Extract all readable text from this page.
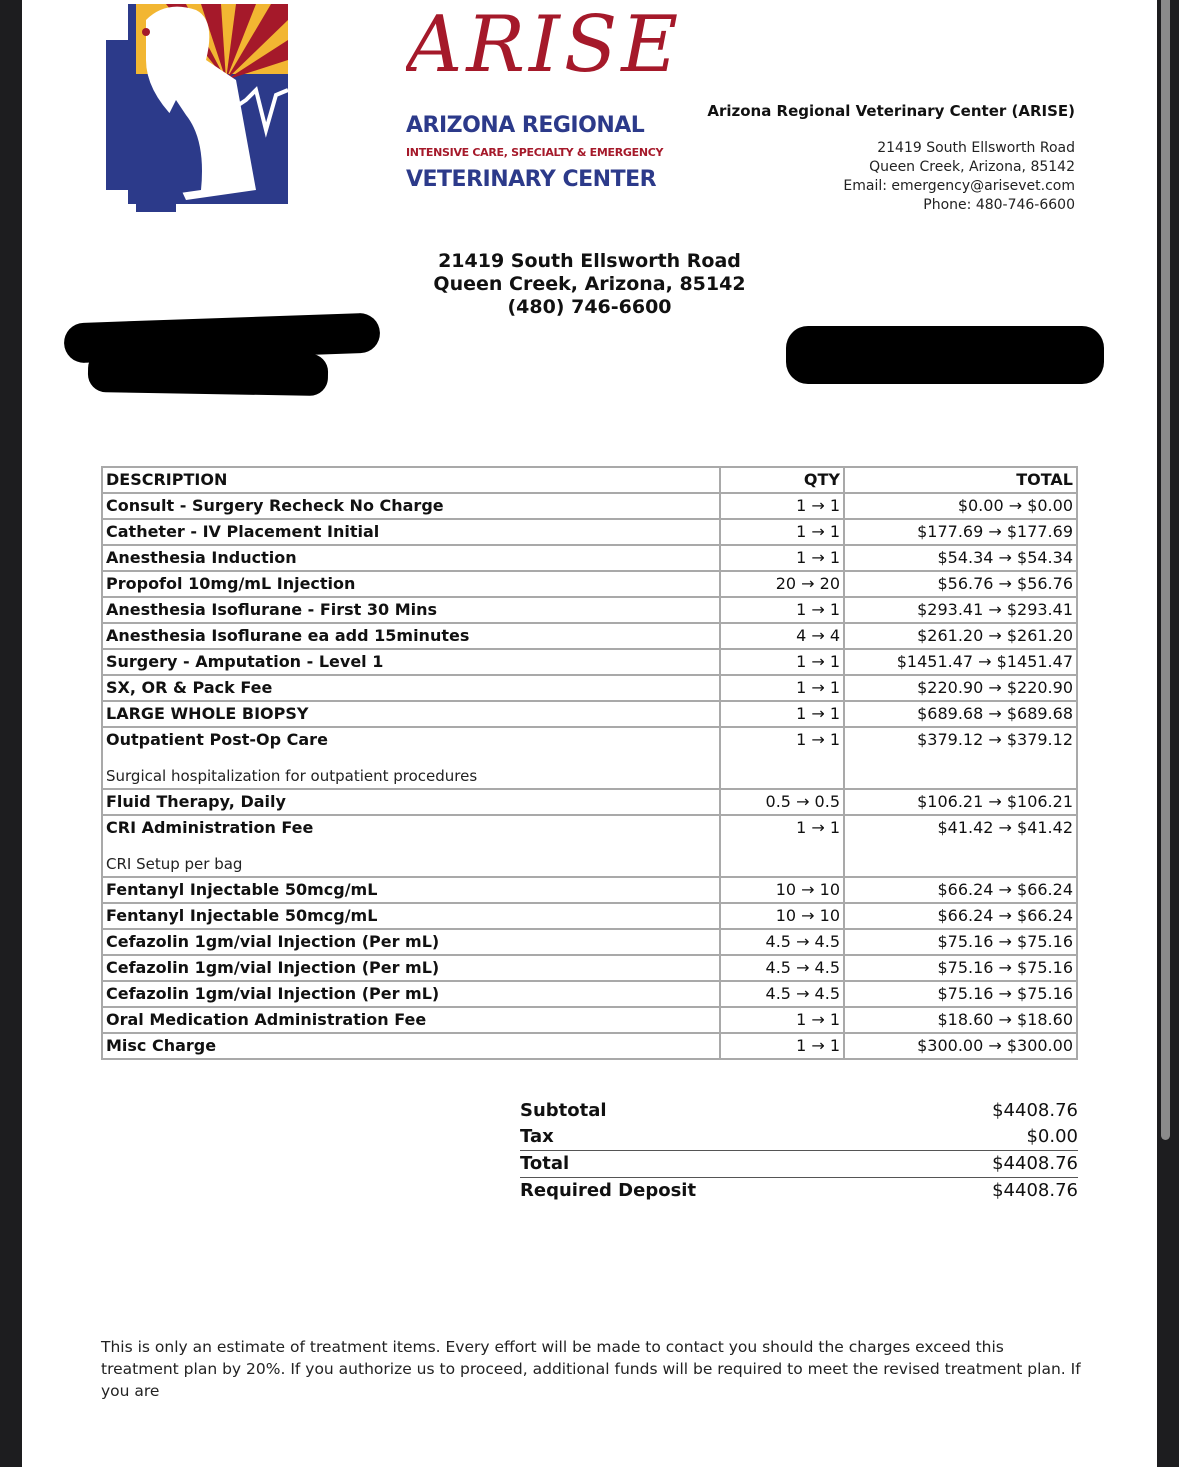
ARISE
ARIZONA REGIONAL
INTENSIVE CARE, SPECIALTY & EMERGENCY
VETERINARY CENTER
Arizona Regional Veterinary Center (ARISE)
21419 South Ellsworth Road
Queen Creek, Arizona, 85142
Email: emergency@arisevet.com
Phone: 480-746-6600
21419 South Ellsworth Road
Queen Creek, Arizona, 85142
(480) 746-6600
DESCRIPTION	QTY	TOTAL
Consult - Surgery Recheck No Charge	1 → 1	$0.00 → $0.00
Catheter - IV Placement Initial	1 → 1	$177.69 → $177.69
Anesthesia Induction	1 → 1	$54.34 → $54.34
Propofol 10mg/mL Injection	20 → 20	$56.76 → $56.76
Anesthesia Isoflurane - First 30 Mins	1 → 1	$293.41 → $293.41
Anesthesia Isoflurane ea add 15minutes	4 → 4	$261.20 → $261.20
Surgery - Amputation - Level 1	1 → 1	$1451.47 → $1451.47
SX, OR & Pack Fee	1 → 1	$220.90 → $220.90
LARGE WHOLE BIOPSY	1 → 1	$689.68 → $689.68
Outpatient Post-Op Care
Surgical hospitalization for outpatient procedures	1 → 1	$379.12 → $379.12
Fluid Therapy, Daily	0.5 → 0.5	$106.21 → $106.21
CRI Administration Fee
CRI Setup per bag	1 → 1	$41.42 → $41.42
Fentanyl Injectable 50mcg/mL	10 → 10	$66.24 → $66.24
Fentanyl Injectable 50mcg/mL	10 → 10	$66.24 → $66.24
Cefazolin 1gm/vial Injection (Per mL)	4.5 → 4.5	$75.16 → $75.16
Cefazolin 1gm/vial Injection (Per mL)	4.5 → 4.5	$75.16 → $75.16
Cefazolin 1gm/vial Injection (Per mL)	4.5 → 4.5	$75.16 → $75.16
Oral Medication Administration Fee	1 → 1	$18.60 → $18.60
Misc Charge	1 → 1	$300.00 → $300.00
Subtotal	$4408.76
Tax	$0.00
Total	$4408.76
Required Deposit	$4408.76
This is only an estimate of treatment items. Every effort will be made to contact you should the charges exceed this treatment plan by 20%. If you authorize us to proceed, additional funds will be required to meet the revised treatment plan. If you are
